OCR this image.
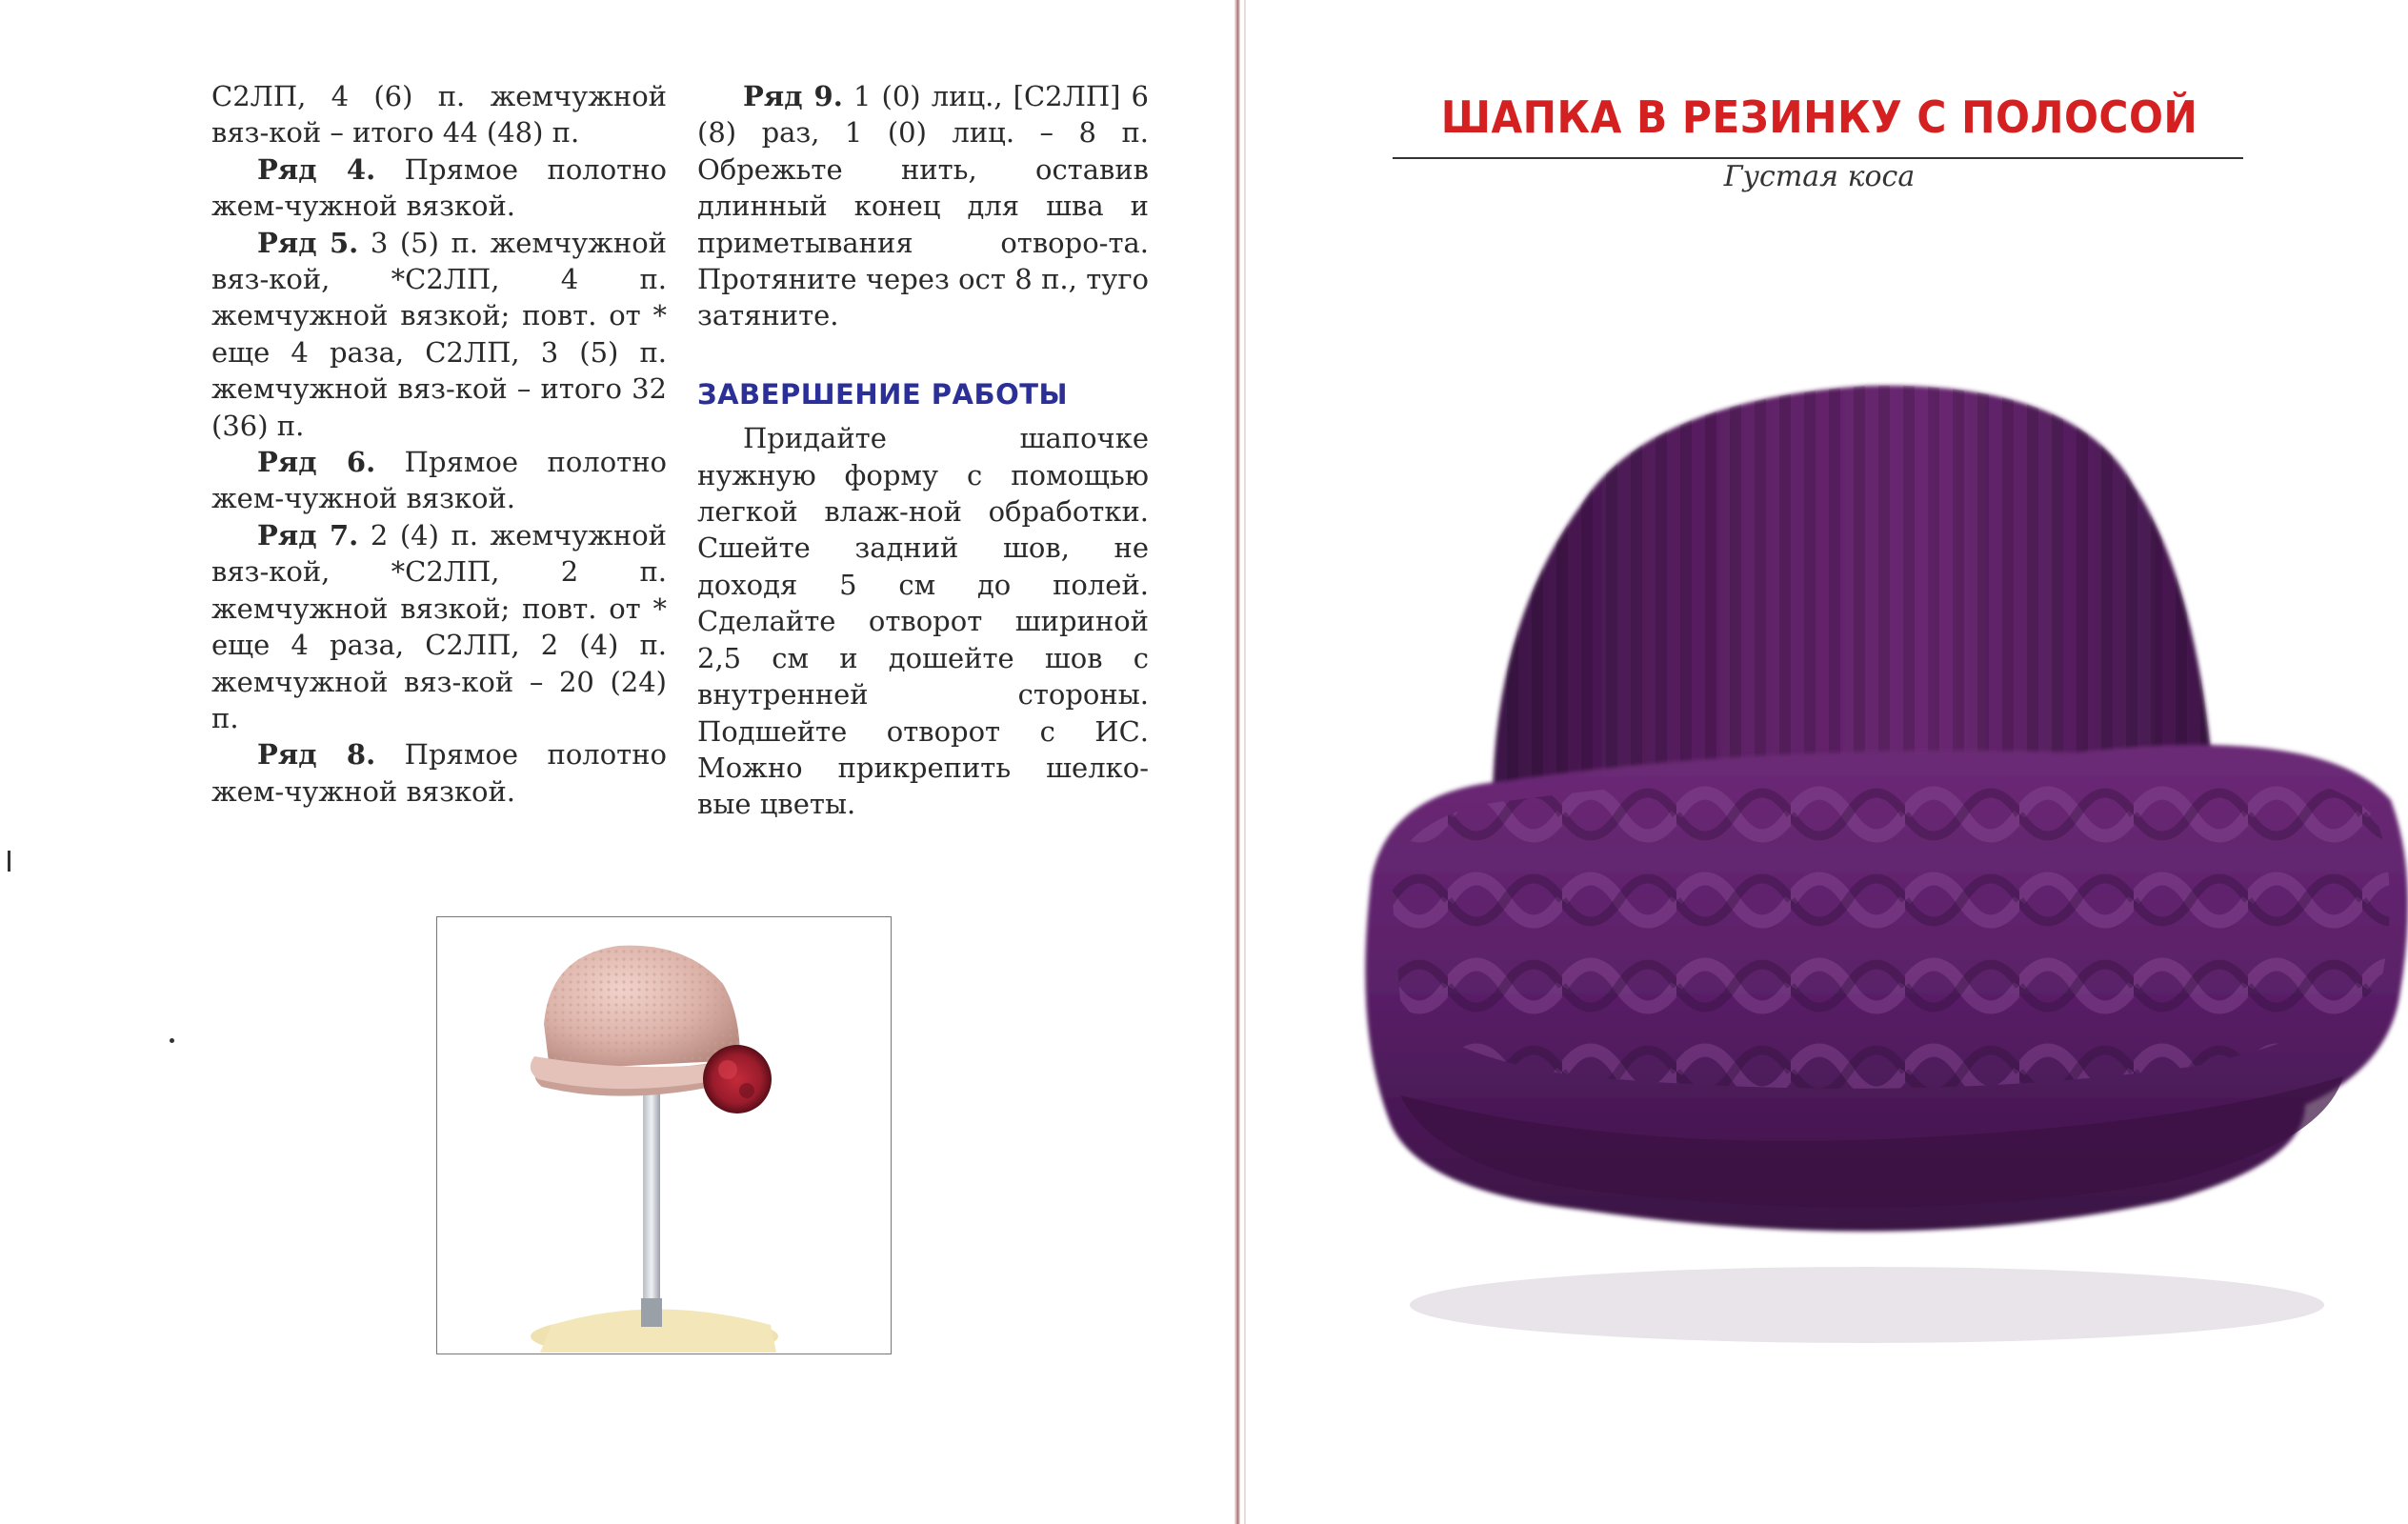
С2ЛП, 4 (6) п. жемчужной вяз-кой – итого 44 (48) п.

Ряд 4. Прямое полотно жем-чужной вязкой.

Ряд 5. 3 (5) п. жемчужной вяз-кой, *С2ЛП, 4 п. жемчужной вязкой; повт. от * еще 4 раза, С2ЛП, 3 (5) п. жемчужной вяз-кой – итого 32 (36) п.

Ряд 6. Прямое полотно жем-чужной вязкой.

Ряд 7. 2 (4) п. жемчужной вяз-кой, *С2ЛП, 2 п. жемчужной вязкой; повт. от * еще 4 раза, С2ЛП, 2 (4) п. жемчужной вяз-кой – 20 (24) п.

Ряд 8. Прямое полотно жем-чужной вязкой.

Ряд 9. 1 (0) лиц., [С2ЛП] 6 (8) раз, 1 (0) лиц. – 8 п. Обрежьте нить, оставив длинный конец для шва и приметывания отворо-та. Протяните через ост 8 п., туго затяните.

ЗАВЕРШЕНИЕ РАБОТЫ

Придайте шапочке нужную форму с помощью легкой влаж-ной обработки. Сшейте задний шов, не доходя 5 см до полей. Сделайте отворот шириной 2,5 см и дошейте шов с внутренней стороны. Подшейте отворот с ИС. Можно прикрепить шелко-вые цветы.

ШАПКА В РЕЗИНКУ С ПОЛОСОЙ
Густая коса
